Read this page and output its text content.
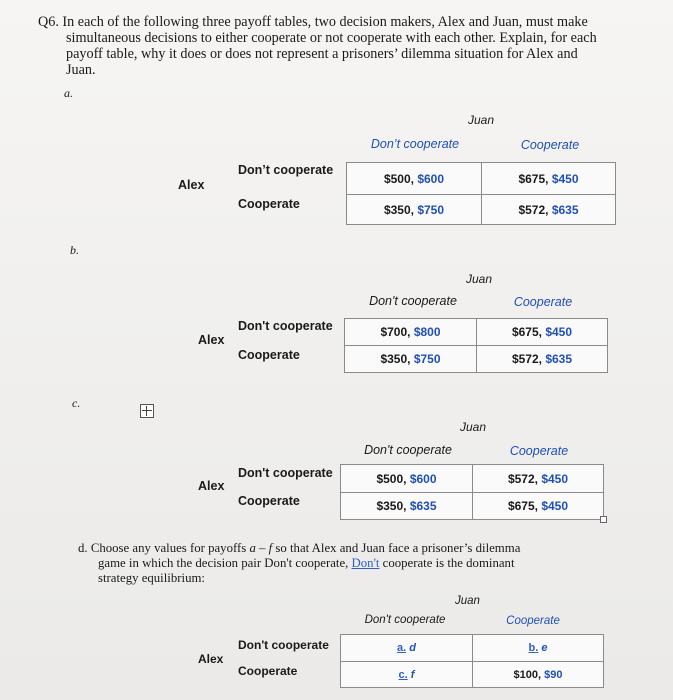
Q6. In each of the following three payoff tables, two decision makers, Alex and Juan, must make
simultaneous decisions to either cooperate or not cooperate with each other. Explain, for each
payoff table, why it does or does not represent a prisoners’ dilemma situation for Alex and
Juan.
a.
Juan
Don’t cooperate	Cooperate
Alex
Don’t cooperate
Cooperate
$500, $600	$675, $450
$350, $750	$572, $635
b.
Juan
Don't cooperate	Cooperate
Alex
Don't cooperate
Cooperate
$700, $800	$675, $450
$350, $750	$572, $635
c.
Juan
Don't cooperate	Cooperate
Alex
Don't cooperate
Cooperate
$500, $600	$572, $450
$350, $635	$675, $450
d. Choose any values for payoffs a – f so that Alex and Juan face a prisoner’s dilemma
game in which the decision pair Don't cooperate, Don't cooperate is the dominant
strategy equilibrium:
Juan
Don't cooperate	Cooperate
Alex
Don't cooperate
Cooperate
a. d	b. e
c. f	$100, $90
